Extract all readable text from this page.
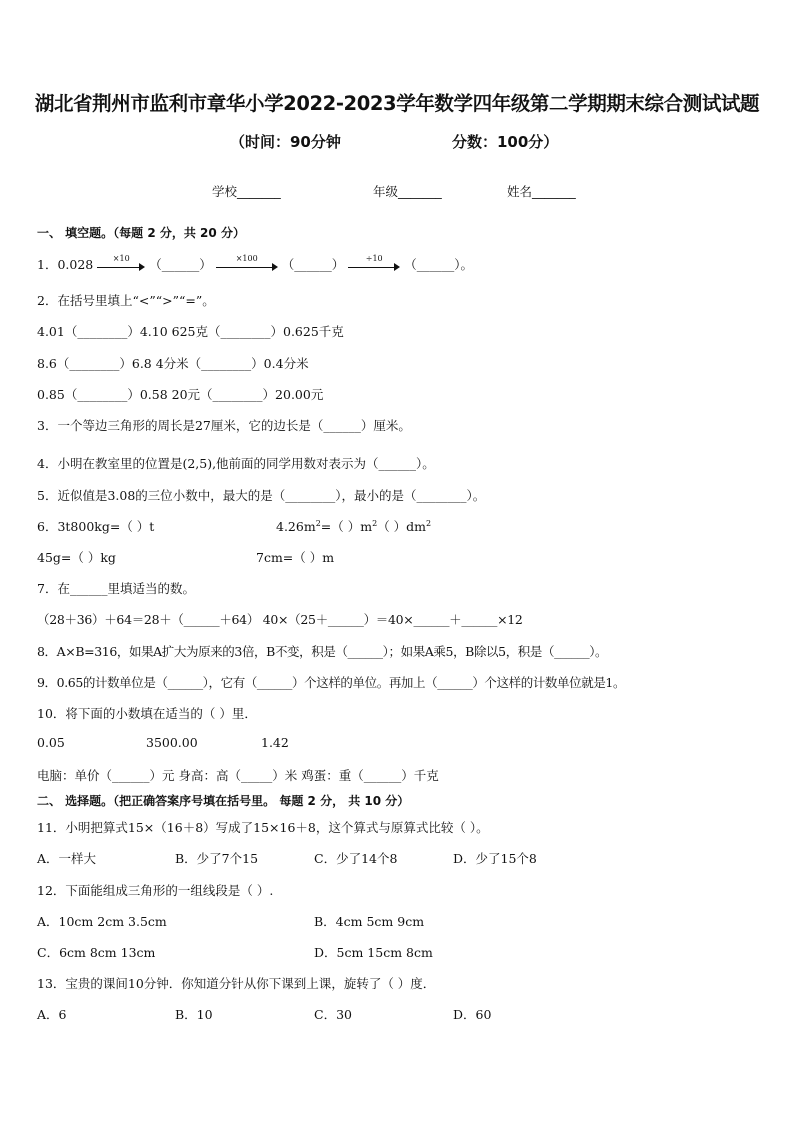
湖北省荆州市监利市章华小学2022-2023学年数学四年级第二学期期末综合测试试题
（时间：90分钟	分数：100分）
学校_______	年级_______	姓名_______
一、 填空题。（每题 2 分，共 20 分）
1．0.028	×10	（______）	×100	（______）	÷10	（______）。
2．在括号里填上“<”“>”“=”。
4.01（________）4.10 625克（________）0.625千克
8.6（________）6.8 4分米（________）0.4分米
0.85（________）0.58 20元（________）20.00元
3．一个等边三角形的周长是27厘米，它的边长是（______）厘米。
4．小明在教室里的位置是(2,5),他前面的同学用数对表示为（______）。
5．近似值是3.08的三位小数中，最大的是（________），最小的是（________）。
6．3t800kg=（ ）t	$4.26m^2=$（ ）$m^2$（ ）$dm^2$
45g=（ ）kg	7cm=（ ）m
7．在______里填适当的数。
（28＋36）＋64＝28＋（______＋64） 40×（25＋______）＝40×______＋______×12
8．A×B=316，如果A扩大为原来的3倍，B不变，积是（______）；如果A乘5，B除以5，积是（______）。
9．0.65的计数单位是（______），它有（______）个这样的单位。再加上（______）个这样的计数单位就是1。
10．将下面的小数填在适当的（ ）里．
0.05	3500.00	1.42
电脑：单价（______）元 身高：高（_____）米 鸡蛋：重（______）千克
二、 选择题。（把正确答案序号填在括号里。 每题 2 分， 共 10 分）
11．小明把算式15×（16＋8）写成了15×16＋8，这个算式与原算式比较（ ）。
A．一样大	B．少了7个15	C．少了14个8	D．少了15个8
12．下面能组成三角形的一组线段是（ ）.
A．10cm 2cm 3.5cm	B．4cm 5cm 9cm
C．6cm 8cm 13cm	D．5cm 15cm 8cm
13．宝贵的课间10分钟．你知道分针从你下课到上课，旋转了（ ）度．
A．6	B．10	C．30	D．60
